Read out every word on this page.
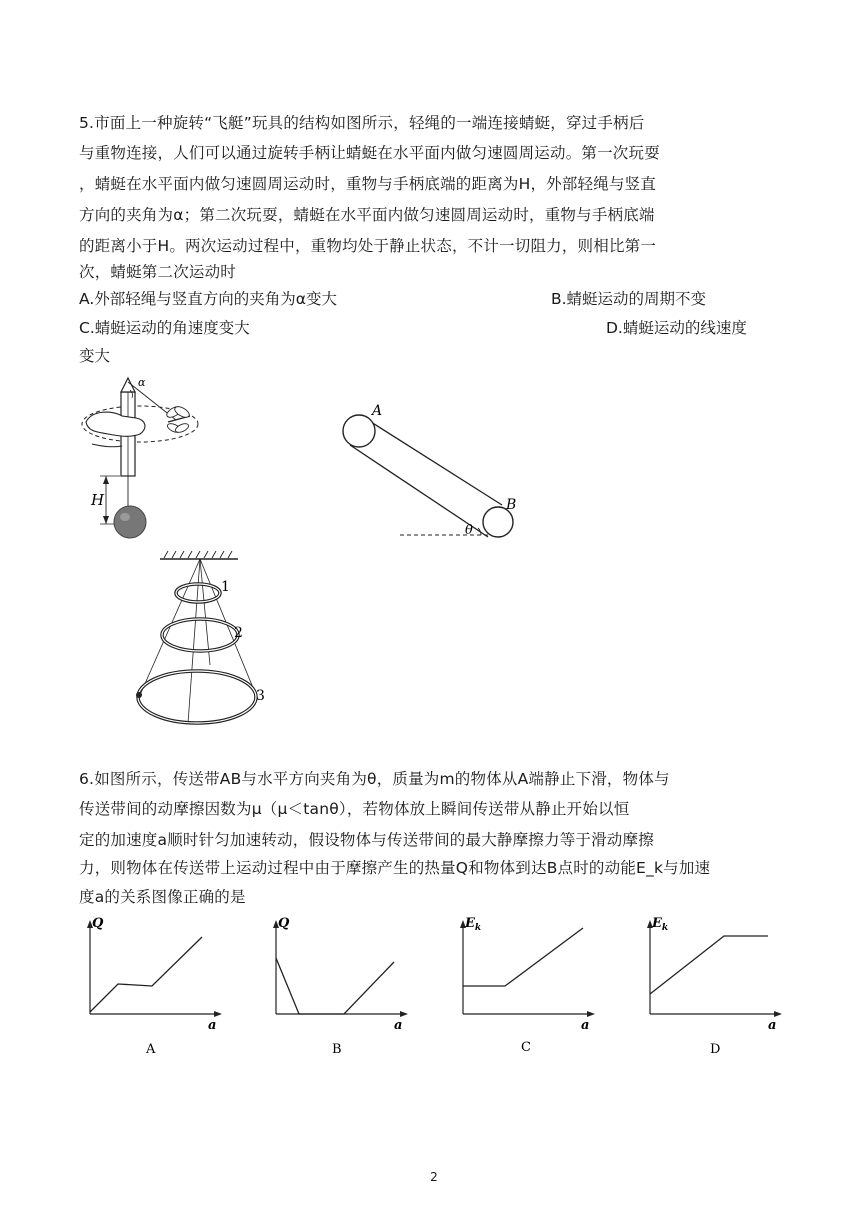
5.市面上一种旋转“飞艇”玩具的结构如图所示，轻绳的一端连接蜻蜓，穿过手柄后
与重物连接，人们可以通过旋转手柄让蜻蜓在水平面内做匀速圆周运动。第一次玩耍
，蜻蜓在水平面内做匀速圆周运动时，重物与手柄底端的距离为H，外部轻绳与竖直
方向的夹角为α；第二次玩耍，蜻蜓在水平面内做匀速圆周运动时，重物与手柄底端
的距离小于H。两次运动过程中，重物均处于静止状态，不计一切阻力，则相比第一
次，蜻蜓第二次运动时
A.外部轻绳与竖直方向的夹角为α变大	B.蜻蜓运动的周期不变
C.蜻蜓运动的角速度变大	D.蜻蜓运动的线速度
变大
α
H
A
B
θ
1
2
3
6.如图所示，传送带AB与水平方向夹角为θ，质量为m的物体从A端静止下滑，物体与
传送带间的动摩擦因数为μ（μ＜tanθ），若物体放上瞬间传送带从静止开始以恒
定的加速度a顺时针匀加速转动，假设物体与传送带间的最大静摩擦力等于滑动摩擦
力，则物体在传送带上运动过程中由于摩擦产生的热量Q和物体到达B点时的动能E_k与加速
度a的关系图像正确的是
Q
a
A
Q
a
B
$E_k$
a
C
$E_k$
a
D
2
